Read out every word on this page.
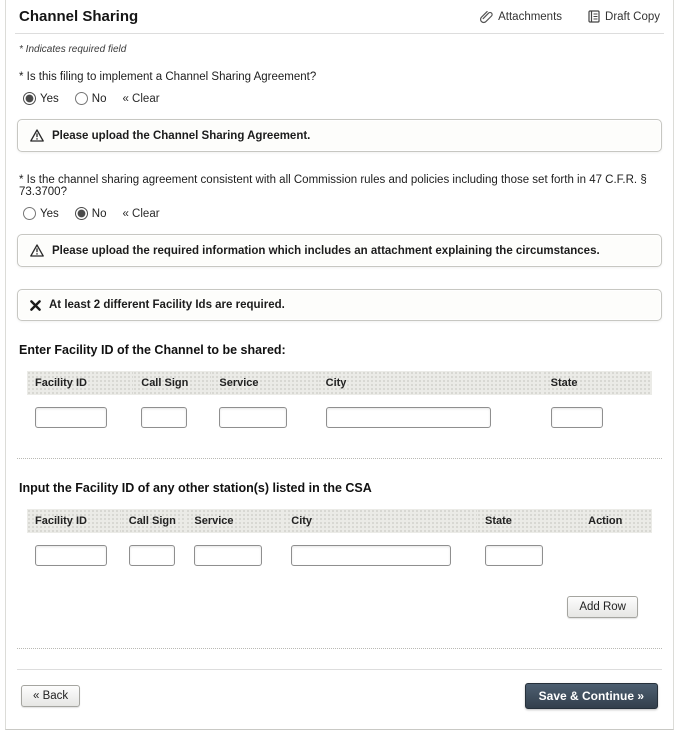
Channel Sharing	Attachments	Draft Copy
* Indicates required field
* Is this filing to implement a Channel Sharing Agreement?
Yes	No « Clear
Please upload the Channel Sharing Agreement.
* Is the channel sharing agreement consistent with all Commission rules and policies including those set forth in 47 C.F.R. § 73.3700?
Yes	No « Clear
Please upload the required information which includes an attachment explaining the circumstances.
At least 2 different Facility Ids are required.
Enter Facility ID of the Channel to be shared:
Facility ID	Call Sign	Service	City	State

Input the Facility ID of any other station(s) listed in the CSA
Facility ID	Call Sign	Service	City	State	Action

Add Row
« Back	Save & Continue »
